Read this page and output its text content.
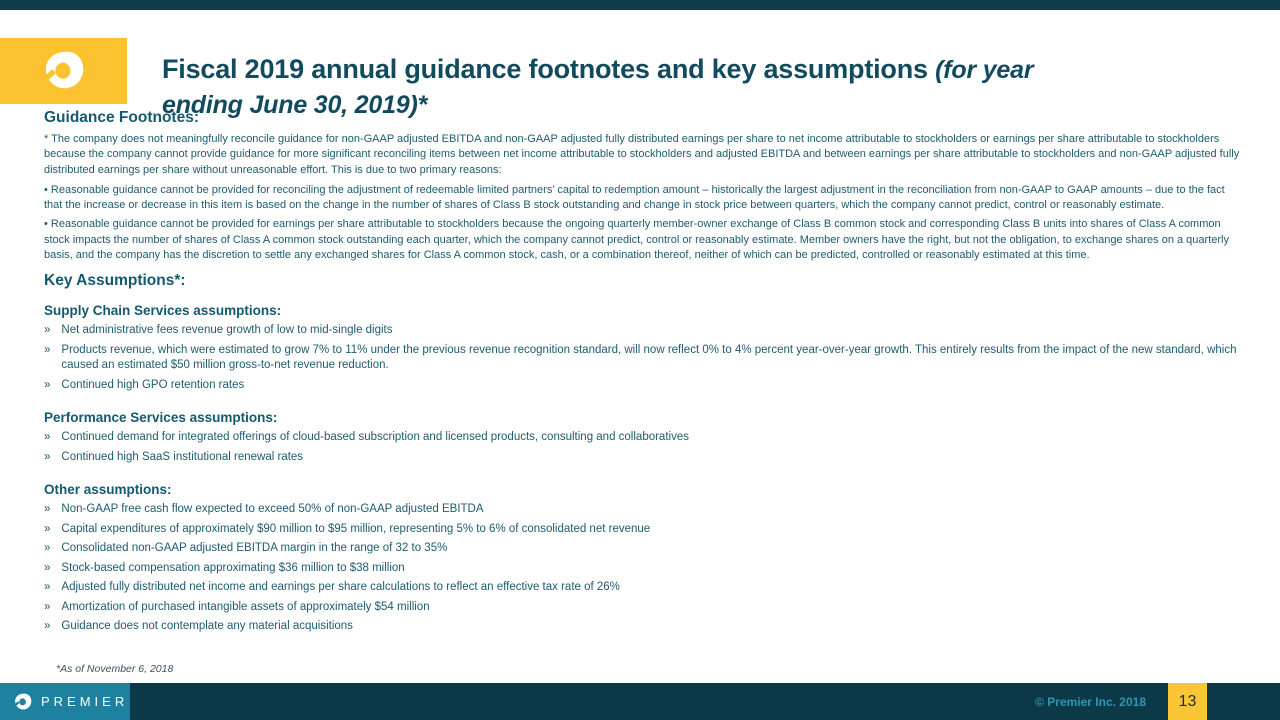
Fiscal 2019 annual guidance footnotes and key assumptions (for year
ending June 30, 2019)*
Guidance Footnotes:

* The company does not meaningfully reconcile guidance for non-GAAP adjusted EBITDA and non-GAAP adjusted fully distributed earnings per share to net income attributable to stockholders or earnings per share attributable to stockholders because the company cannot provide guidance for more significant reconciling items between net income attributable to stockholders and adjusted EBITDA and between earnings per share attributable to stockholders and non-GAAP adjusted fully distributed earnings per share without unreasonable effort. This is due to two primary reasons:

• Reasonable guidance cannot be provided for reconciling the adjustment of redeemable limited partners’ capital to redemption amount – historically the largest adjustment in the reconciliation from non-GAAP to GAAP amounts – due to the fact that the increase or decrease in this item is based on the change in the number of shares of Class B stock outstanding and change in stock price between quarters, which the company cannot predict, control or reasonably estimate.

• Reasonable guidance cannot be provided for earnings per share attributable to stockholders because the ongoing quarterly member-owner exchange of Class B common stock and corresponding Class B units into shares of Class A common stock impacts the number of shares of Class A common stock outstanding each quarter, which the company cannot predict, control or reasonably estimate. Member owners have the right, but not the obligation, to exchange shares on a quarterly basis, and the company has the discretion to settle any exchanged shares for Class A common stock, cash, or a combination thereof, neither of which can be predicted, controlled or reasonably estimated at this time.

Key Assumptions*:
Supply Chain Services assumptions:
» Net administrative fees revenue growth of low to mid-single digits
» Products revenue, which were estimated to grow 7% to 11% under the previous revenue recognition standard, will now reflect 0% to 4% percent year-over-year growth. This entirely results from the impact of the new standard, which caused an estimated $50 million gross-to-net revenue reduction.
» Continued high GPO retention rates
Performance Services assumptions:
» Continued demand for integrated offerings of cloud-based subscription and licensed products, consulting and collaboratives
» Continued high SaaS institutional renewal rates
Other assumptions:
» Non-GAAP free cash flow expected to exceed 50% of non-GAAP adjusted EBITDA
» Capital expenditures of approximately $90 million to $95 million, representing 5% to 6% of consolidated net revenue
» Consolidated non-GAAP adjusted EBITDA margin in the range of 32 to 35%
» Stock-based compensation approximating $36 million to $38 million
» Adjusted fully distributed net income and earnings per share calculations to reflect an effective tax rate of 26%
» Amortization of purchased intangible assets of approximately $54 million
» Guidance does not contemplate any material acquisitions
*As of November 6, 2018
PREMIER	© Premier Inc. 2018	13
